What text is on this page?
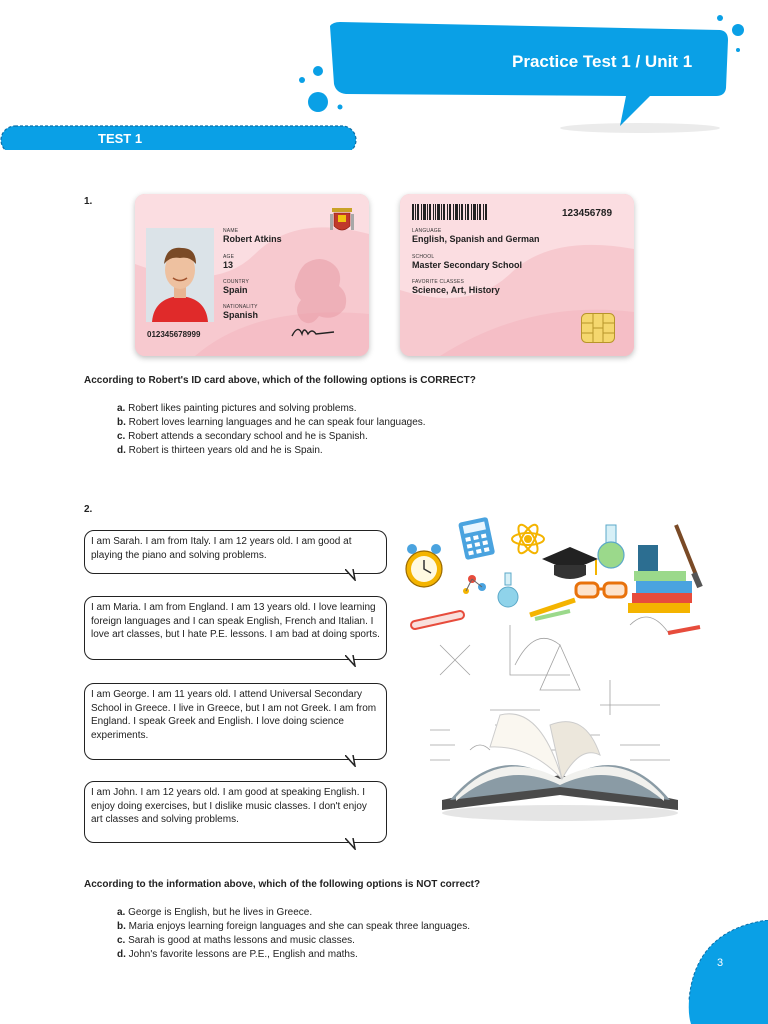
Practice Test 1 / Unit 1
TEST 1
1.
NAME
Robert Atkins
AGE
13
COUNTRY
Spain
NATIONALITY
Spanish
012345678999
123456789
LANGUAGE
English, Spanish and German
SCHOOL
Master Secondary School
FAVORITE CLASSES
Science, Art, History
According to Robert's ID card above, which of the following options is CORRECT?
a. Robert likes painting pictures and solving problems.
b. Robert loves learning languages and he can speak four languages.
c. Robert attends a secondary school and he is Spanish.
d. Robert is thirteen years old and he is Spain.
2.
I am Sarah. I am from Italy. I am 12 years old. I am good at playing the piano and solving problems.
I am Maria. I am from England. I am 13 years old. I love learning foreign languages and I can speak English, French and Italian. I love art classes, but I hate P.E. lessons. I am bad at doing sports.
I am George. I am 11 years old. I attend Universal Secondary School in Greece. I live in Greece, but I am not Greek. I am from England. I speak Greek and English. I love doing science experiments.
I am John. I am 12 years old. I am good at speaking English. I enjoy doing exercises, but I dislike music classes. I don't enjoy art classes and solving problems.
According to the information above, which of the following options is NOT correct?
a. George is English, but he lives in Greece.
b. Maria enjoys learning foreign languages and she can speak three languages.
c. Sarah is good at maths lessons and music classes.
d. John's favorite lessons are P.E., English and maths.
3
